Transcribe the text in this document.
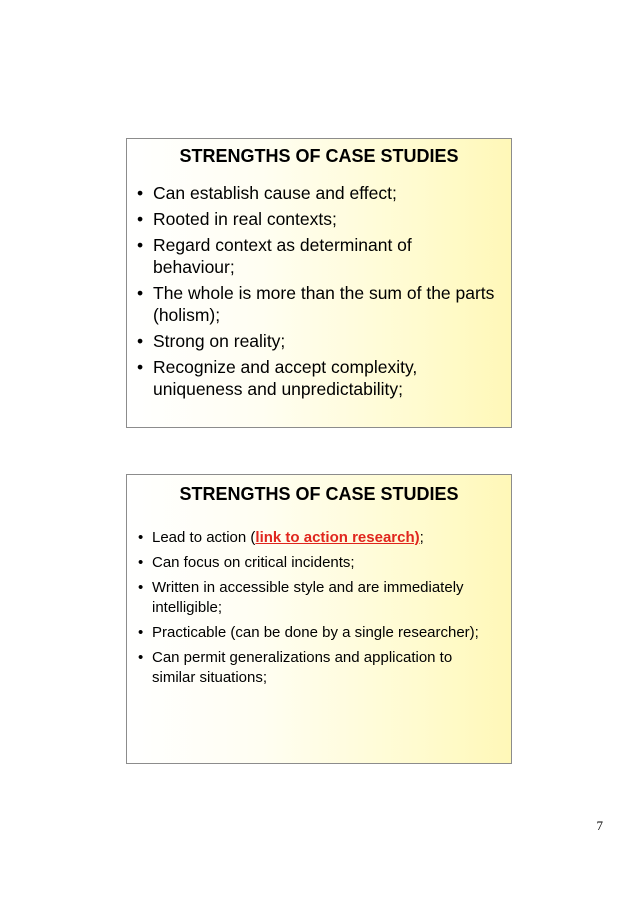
STRENGTHS OF CASE STUDIES
• Can establish cause and effect;
• Rooted in real contexts;
• Regard context as determinant of behaviour;
• The whole is more than the sum of the parts (holism);
• Strong on reality;
• Recognize and accept complexity, uniqueness and unpredictability;
STRENGTHS OF CASE STUDIES
• Lead to action (link to action research);
• Can focus on critical incidents;
• Written in accessible style and are immediately intelligible;
• Practicable (can be done by a single researcher);
• Can permit generalizations and application to similar situations;
7
